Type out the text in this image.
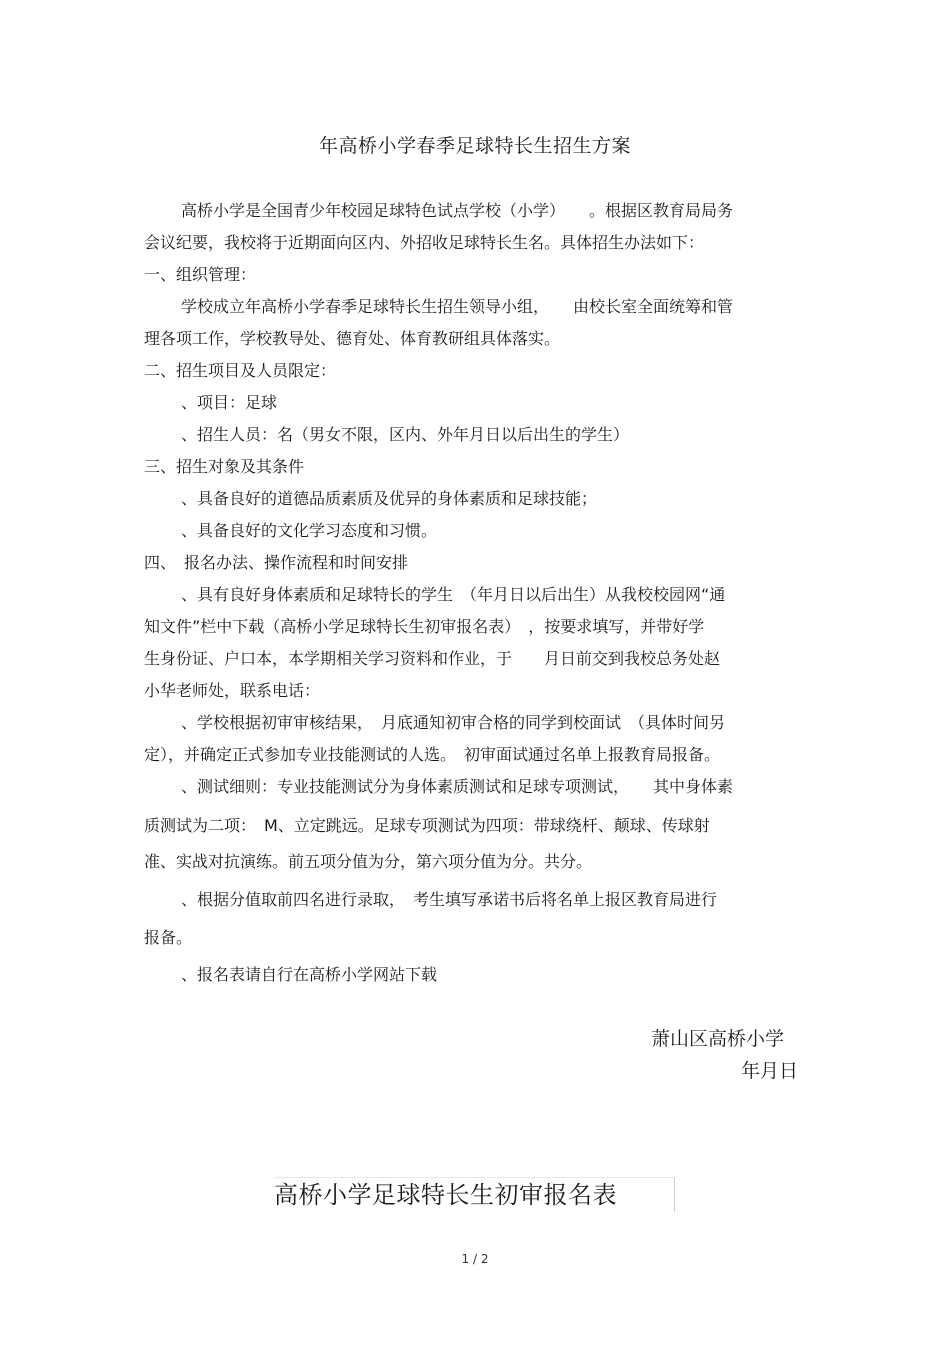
年高桥小学春季足球特长生招生方案
高桥小学是全国青少年校园足球特色试点学校（小学）　　。根据区教育局局务
会议纪要，我校将于近期面向区内、外招收足球特长生名。具体招生办法如下：
一、组织管理：
学校成立年高桥小学春季足球特长生招生领导小组，　　由校长室全面统筹和管
理各项工作，学校教导处、德育处、体育教研组具体落实。
二、招生项目及人员限定：
、项目：足球
、招生人员：名（男女不限，区内、外年月日以后出生的学生）
三、招生对象及其条件
、具备良好的道德品质素质及优异的身体素质和足球技能；
、具备良好的文化学习态度和习惯。
四、　报名办法、操作流程和时间安排
、具有良好身体素质和足球特长的学生　（年月日以后出生）从我校校园网“通
知文件”栏中下载（高桥小学足球特长生初审报名表）　，按要求填写，并带好学
生身份证、户口本，本学期相关学习资料和作业，于　　月日前交到我校总务处赵
小华老师处，联系电话：
、学校根据初审审核结果，　月底通知初审合格的同学到校面试　（具体时间另
定），并确定正式参加专业技能测试的人选。　初审面试通过名单上报教育局报备。
、测试细则：专业技能测试分为身体素质测试和足球专项测试，　　其中身体素
质测试为二项：　M、立定跳远。足球专项测试为四项：带球绕杆、颠球、传球射
准、实战对抗演练。前五项分值为分，第六项分值为分。共分。
、根据分值取前四名进行录取，　考生填写承诺书后将名单上报区教育局进行
报备。
、报名表请自行在高桥小学网站下载
萧山区高桥小学
年月日
高桥小学足球特长生初审报名表
1 / 2
